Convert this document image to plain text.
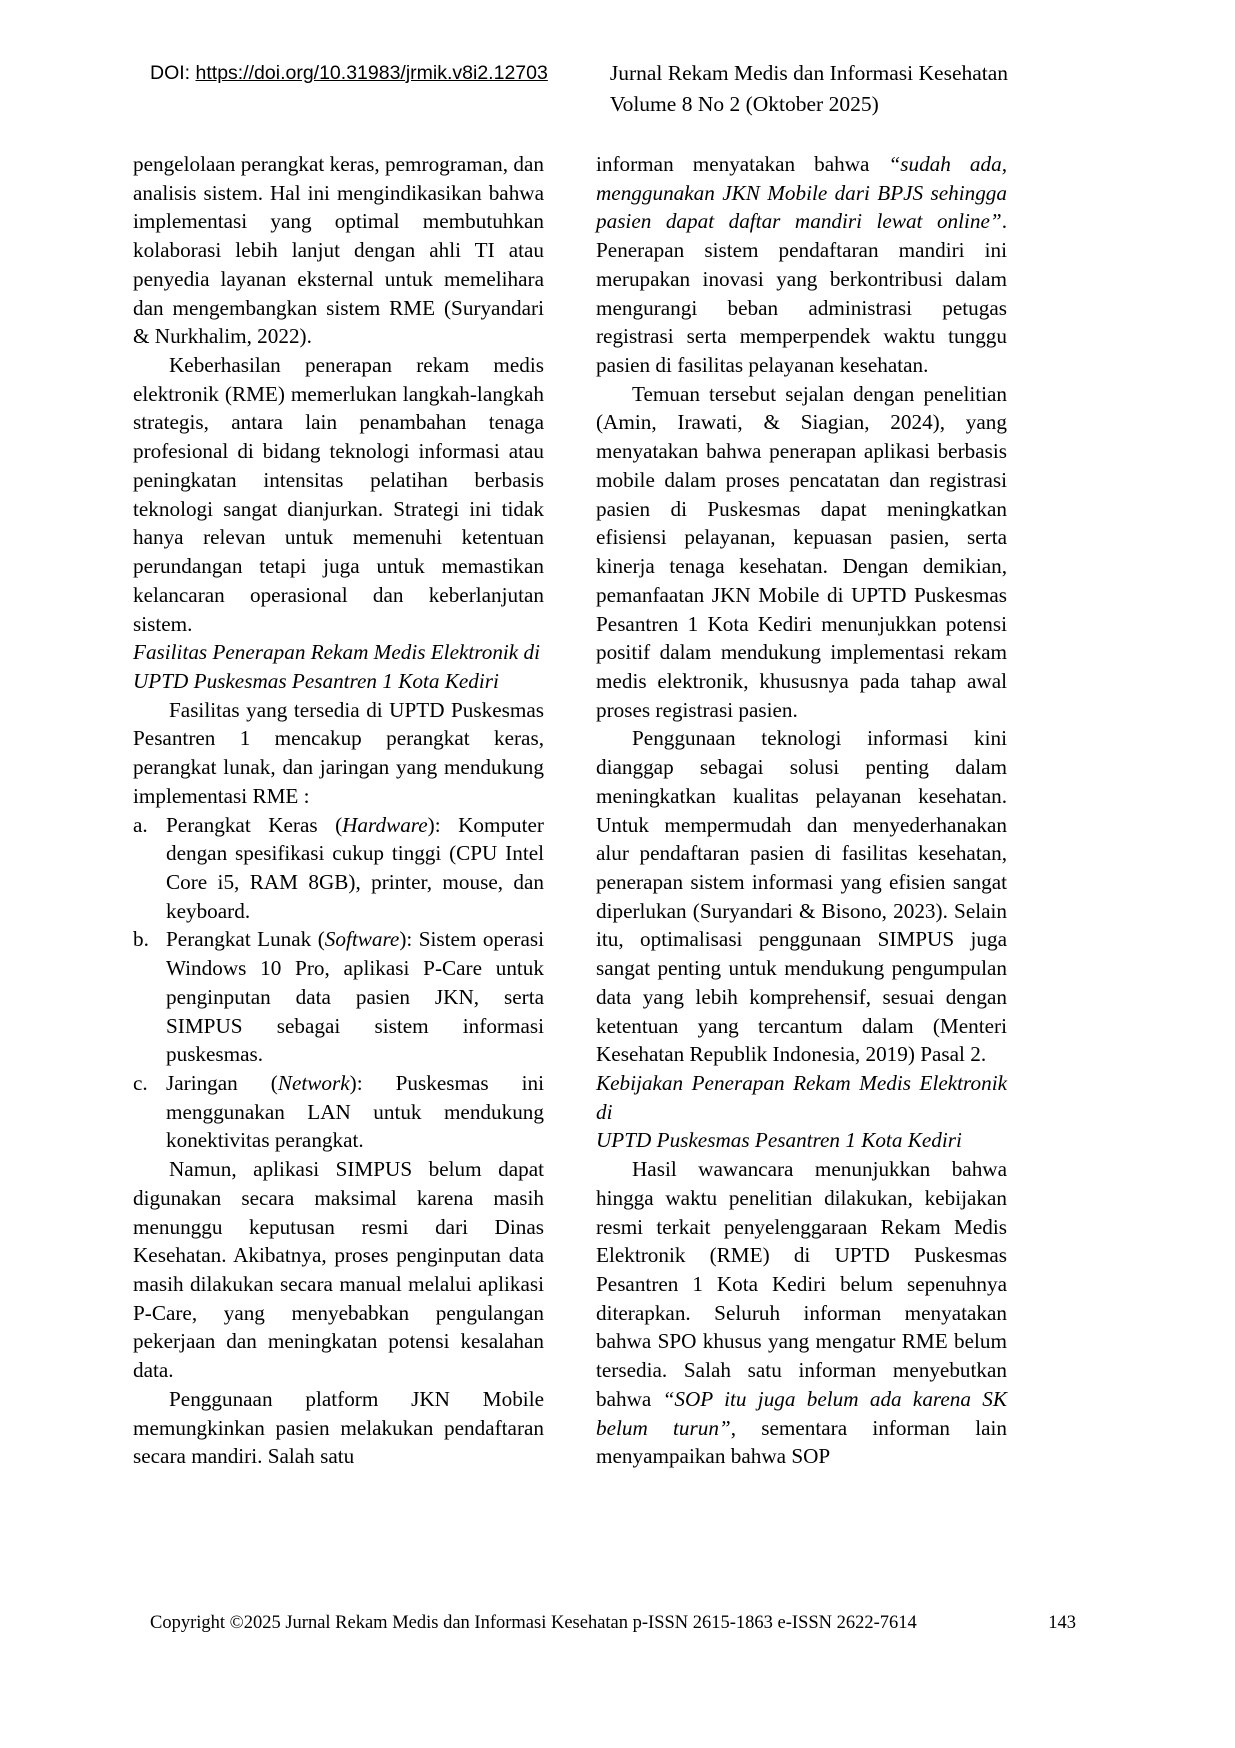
DOI: https://doi.org/10.31983/jrmik.v8i2.12703	Jurnal Rekam Medis dan Informasi Kesehatan
Volume 8 No 2 (Oktober 2025)

pengelolaan perangkat keras, pemrograman, dan analisis sistem. Hal ini mengindikasikan bahwa implementasi yang optimal membutuhkan kolaborasi lebih lanjut dengan ahli TI atau penyedia layanan eksternal untuk memelihara dan mengembangkan sistem RME (Suryandari & Nurkhalim, 2022).

Keberhasilan penerapan rekam medis elektronik (RME) memerlukan langkah-langkah strategis, antara lain penambahan tenaga profesional di bidang teknologi informasi atau peningkatan intensitas pelatihan berbasis teknologi sangat dianjurkan. Strategi ini tidak hanya relevan untuk memenuhi ketentuan perundangan tetapi juga untuk memastikan kelancaran operasional dan keberlanjutan sistem.

Fasilitas Penerapan Rekam Medis Elektronik di

UPTD Puskesmas Pesantren 1 Kota Kediri

Fasilitas yang tersedia di UPTD Puskesmas Pesantren 1 mencakup perangkat keras, perangkat lunak, dan jaringan yang mendukung implementasi RME :

a. Perangkat Keras (Hardware): Komputer dengan spesifikasi cukup tinggi (CPU Intel Core i5, RAM 8GB), printer, mouse, dan keyboard.
b. Perangkat Lunak (Software): Sistem operasi Windows 10 Pro, aplikasi P-Care untuk penginputan data pasien JKN, serta SIMPUS sebagai sistem informasi puskesmas.
c. Jaringan (Network): Puskesmas ini menggunakan LAN untuk mendukung konektivitas perangkat.

Namun, aplikasi SIMPUS belum dapat digunakan secara maksimal karena masih menunggu keputusan resmi dari Dinas Kesehatan. Akibatnya, proses penginputan data masih dilakukan secara manual melalui aplikasi P-Care, yang menyebabkan pengulangan pekerjaan dan meningkatan potensi kesalahan data.

Penggunaan platform JKN Mobile memungkinkan pasien melakukan pendaftaran secara mandiri. Salah satu

informan menyatakan bahwa “sudah ada, menggunakan JKN Mobile dari BPJS sehingga pasien dapat daftar mandiri lewat online”. Penerapan sistem pendaftaran mandiri ini merupakan inovasi yang berkontribusi dalam mengurangi beban administrasi petugas registrasi serta memperpendek waktu tunggu pasien di fasilitas pelayanan kesehatan.

Temuan tersebut sejalan dengan penelitian (Amin, Irawati, & Siagian, 2024), yang menyatakan bahwa penerapan aplikasi berbasis mobile dalam proses pencatatan dan registrasi pasien di Puskesmas dapat meningkatkan efisiensi pelayanan, kepuasan pasien, serta kinerja tenaga kesehatan. Dengan demikian, pemanfaatan JKN Mobile di UPTD Puskesmas Pesantren 1 Kota Kediri menunjukkan potensi positif dalam mendukung implementasi rekam medis elektronik, khususnya pada tahap awal proses registrasi pasien.

Penggunaan teknologi informasi kini dianggap sebagai solusi penting dalam meningkatkan kualitas pelayanan kesehatan. Untuk mempermudah dan menyederhanakan alur pendaftaran pasien di fasilitas kesehatan, penerapan sistem informasi yang efisien sangat diperlukan (Suryandari & Bisono, 2023). Selain itu, optimalisasi penggunaan SIMPUS juga sangat penting untuk mendukung pengumpulan data yang lebih komprehensif, sesuai dengan ketentuan yang tercantum dalam (Menteri Kesehatan Republik Indonesia, 2019) Pasal 2.

Kebijakan Penerapan Rekam Medis Elektronik di

UPTD Puskesmas Pesantren 1 Kota Kediri

Hasil wawancara menunjukkan bahwa hingga waktu penelitian dilakukan, kebijakan resmi terkait penyelenggaraan Rekam Medis Elektronik (RME) di UPTD Puskesmas Pesantren 1 Kota Kediri belum sepenuhnya diterapkan. Seluruh informan menyatakan bahwa SPO khusus yang mengatur RME belum tersedia. Salah satu informan menyebutkan bahwa “SOP itu juga belum ada karena SK belum turun”, sementara informan lain menyampaikan bahwa SOP

Copyright ©2025 Jurnal Rekam Medis dan Informasi Kesehatan p-ISSN 2615-1863 e-ISSN 2622-7614	143
